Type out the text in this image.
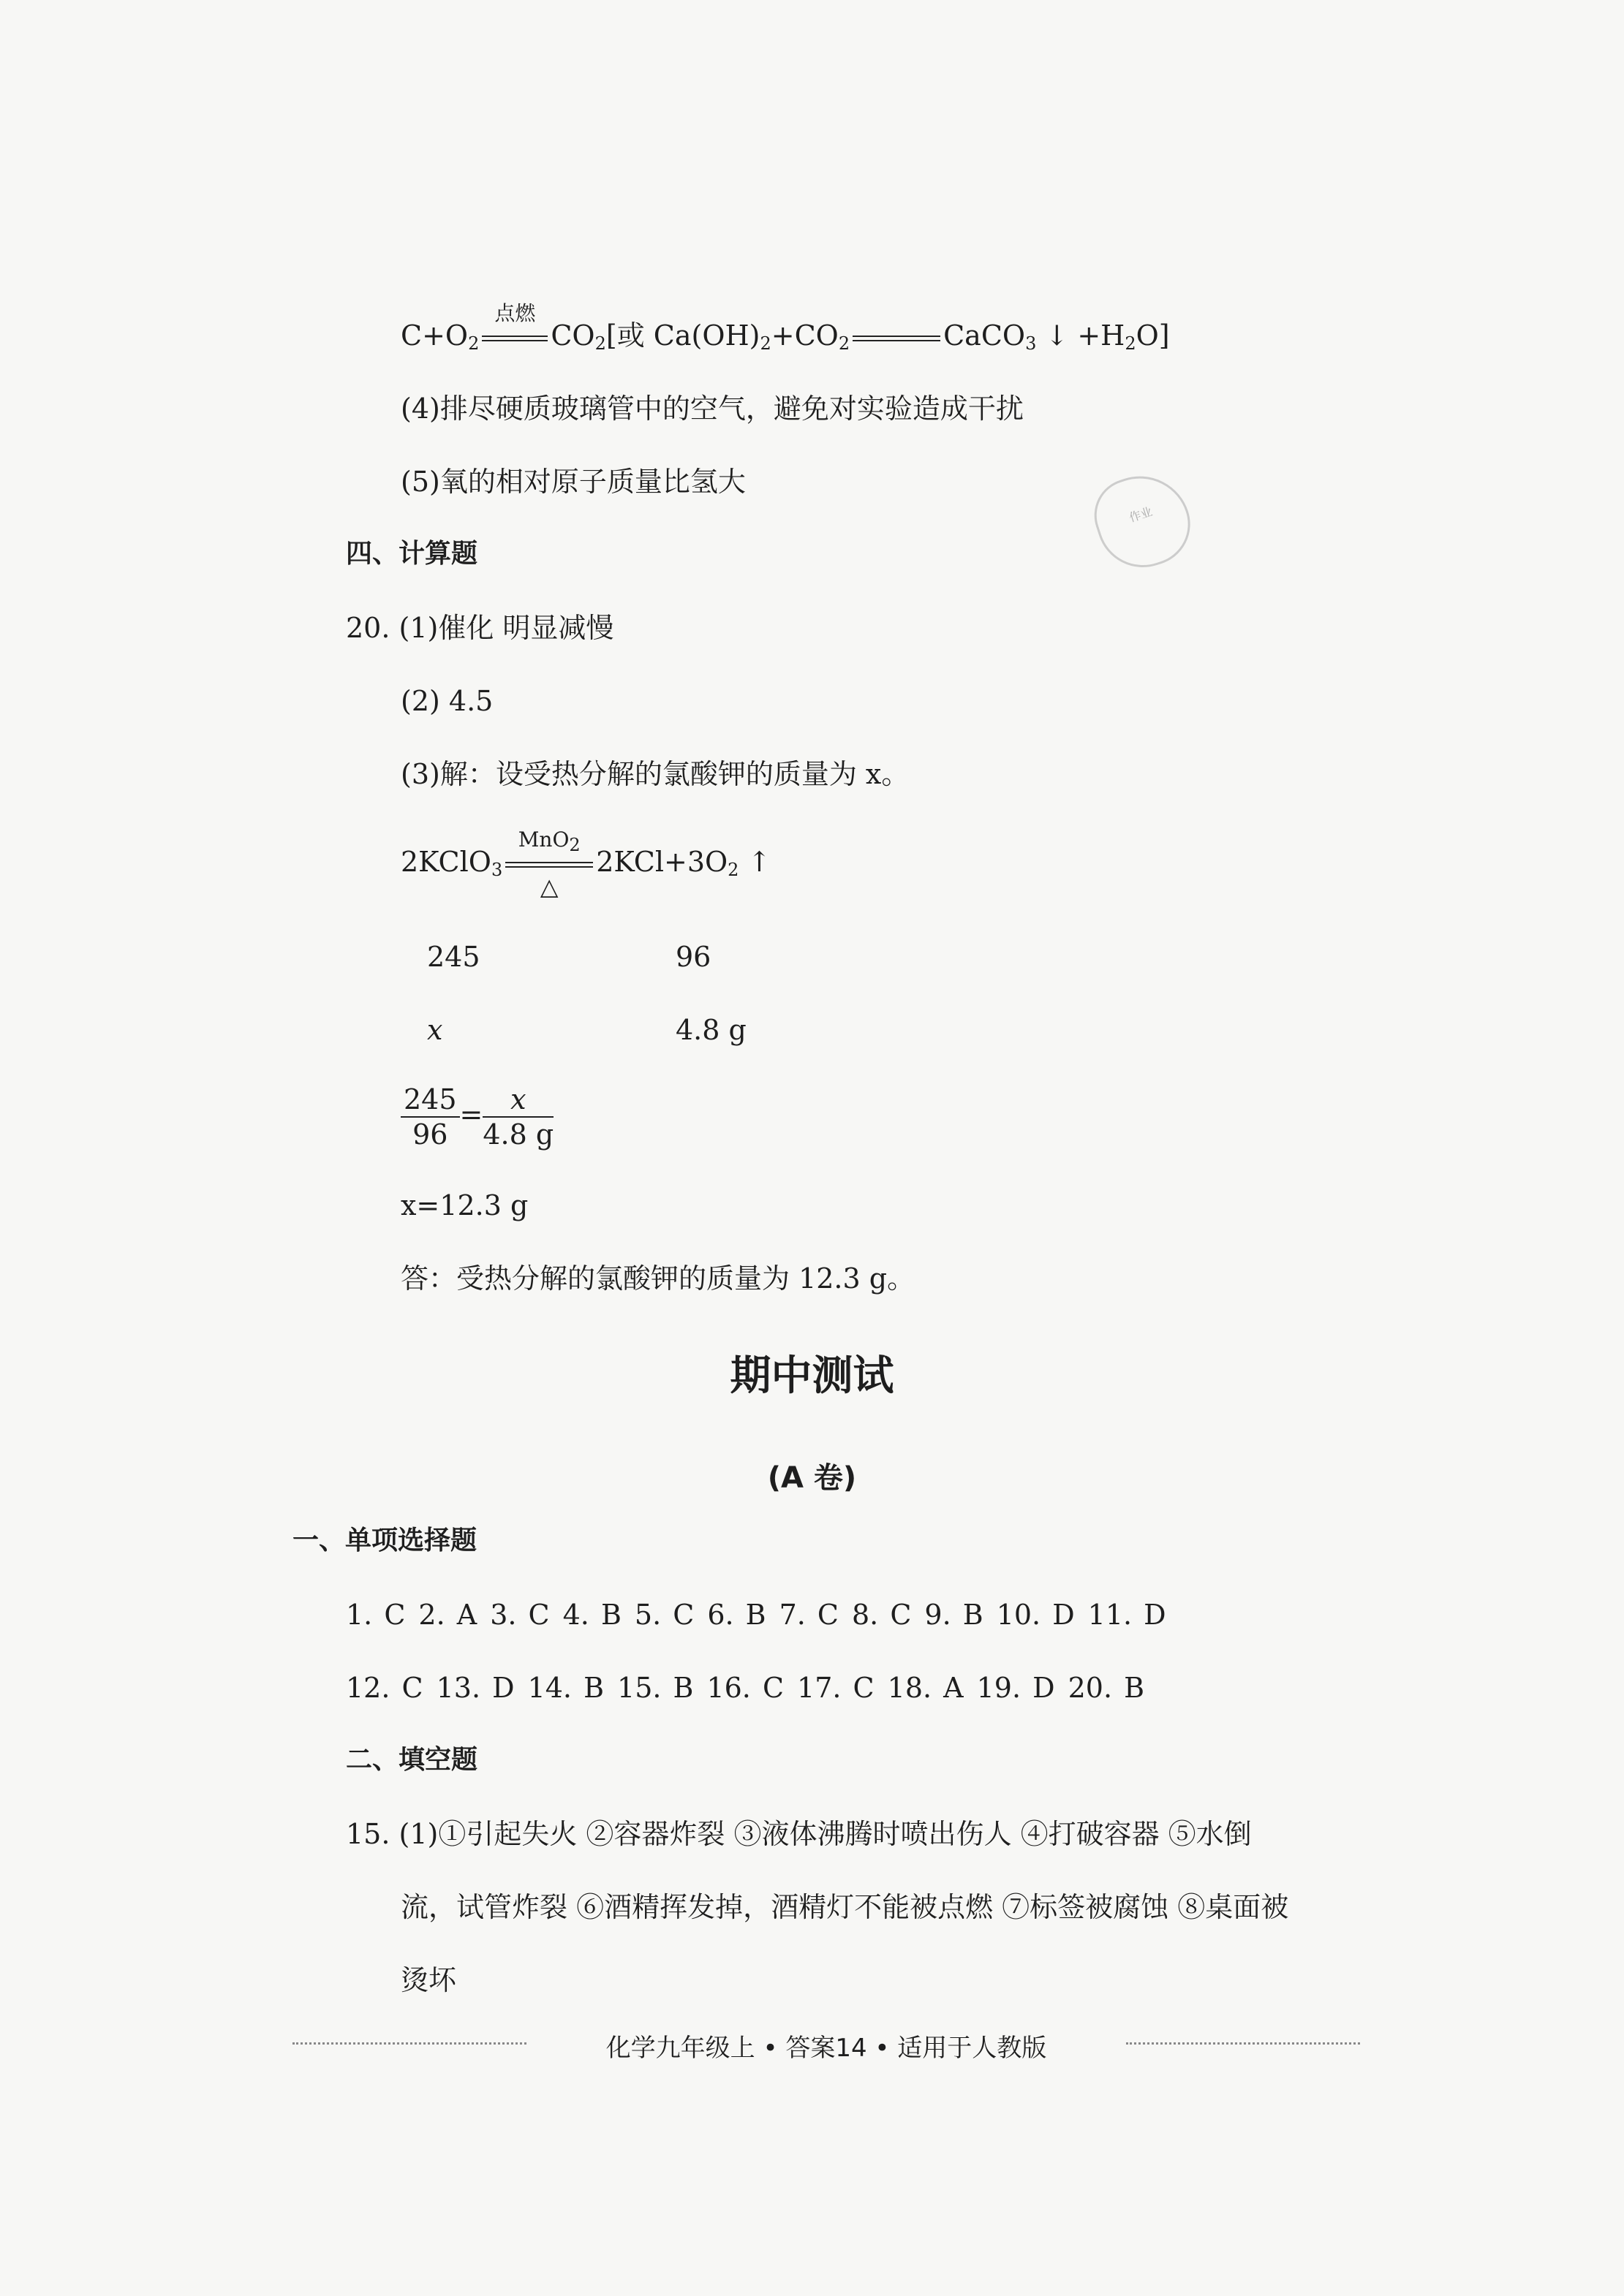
作业
$C+O_2$
点燃
$CO_2$[或 $Ca(OH)_2+CO_2$	CaCO$_3$ ↓ $+H_2O$]
(4)排尽硬质玻璃管中的空气，避免对实验造成干扰
(5)氧的相对原子质量比氢大
四、计算题
20. (1)催化 明显减慢
(2) 4.5
(3)解：设受热分解的氯酸钾的质量为 x。
2KClO$_3$
MnO2
△
$2KCl+3O_2$ ↑
245	96
x	4.8 g
$\frac{245}{96} = \frac{x}{4.8 g}$
x=12.3 g
答：受热分解的氯酸钾的质量为 12.3 g。
期中测试
(A 卷)
一、单项选择题
1. C 2. A 3. C 4. B 5. C 6. B 7. C 8. C 9. B 10. D 11. D
12. C 13. D 14. B 15. B 16. C 17. C 18. A 19. D 20. B
二、填空题
15. (1)①引起失火 ②容器炸裂 ③液体沸腾时喷出伤人 ④打破容器 ⑤水倒
流，试管炸裂 ⑥酒精挥发掉，酒精灯不能被点燃 ⑦标签被腐蚀 ⑧桌面被
烫坏
化学九年级上 • 答案14 • 适用于人教版
